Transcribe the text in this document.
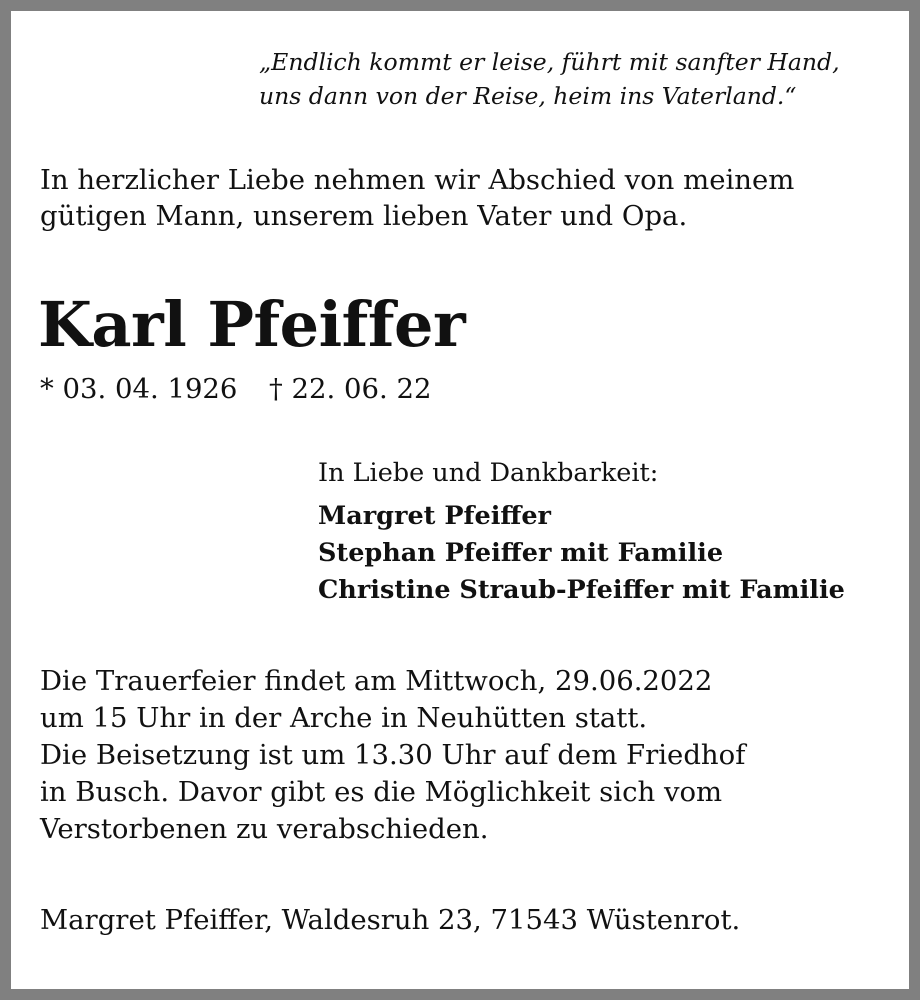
„Endlich kommt er leise, führt mit sanfter Hand,
uns dann von der Reise, heim ins Vaterland.“
In herzlicher Liebe nehmen wir Abschied von meinem
gütigen Mann, unserem lieben Vater und Opa.
Karl Pfeiffer
* 03. 04. 1926 † 22. 06. 22
In Liebe und Dankbarkeit:
Margret Pfeiffer
Stephan Pfeiffer mit Familie
Christine Straub-Pfeiffer mit Familie
Die Trauerfeier findet am Mittwoch, 29.06.2022
um 15 Uhr in der Arche in Neuhütten statt.
Die Beisetzung ist um 13.30 Uhr auf dem Friedhof
in Busch. Davor gibt es die Möglichkeit sich vom
Verstorbenen zu verabschieden.
Margret Pfeiffer, Waldesruh 23, 71543 Wüstenrot.
